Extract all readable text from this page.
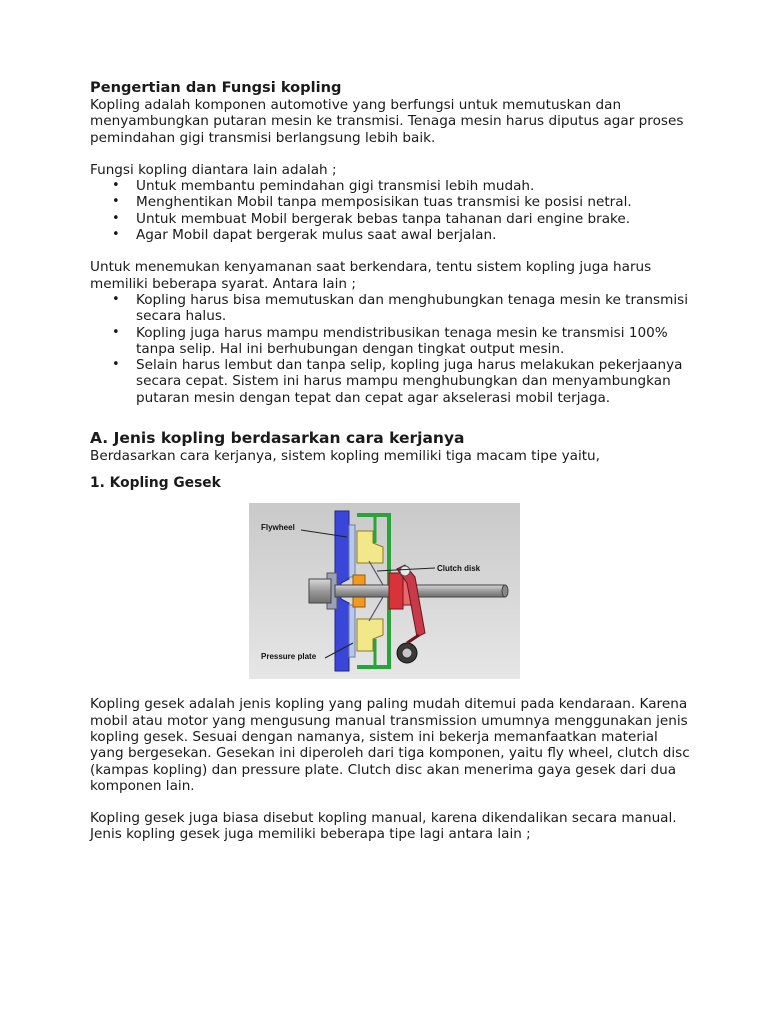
Pengertian dan Fungsi kopling

Kopling adalah komponen automotive yang berfungsi untuk memutuskan dan menyambungkan putaran mesin ke transmisi. Tenaga mesin harus diputus agar proses pemindahan gigi transmisi berlangsung lebih baik.

Fungsi kopling diantara lain adalah ;

• Untuk membantu pemindahan gigi transmisi lebih mudah.
• Menghentikan Mobil tanpa memposisikan tuas transmisi ke posisi netral.
• Untuk membuat Mobil bergerak bebas tanpa tahanan dari engine brake.
• Agar Mobil dapat bergerak mulus saat awal berjalan.

Untuk menemukan kenyamanan saat berkendara, tentu sistem kopling juga harus memiliki beberapa syarat. Antara lain ;

• Kopling harus bisa memutuskan dan menghubungkan tenaga mesin ke transmisi secara halus.
• Kopling juga harus mampu mendistribusikan tenaga mesin ke transmisi 100% tanpa selip. Hal ini berhubungan dengan tingkat output mesin.
• Selain harus lembut dan tanpa selip, kopling juga harus melakukan pekerjaanya secara cepat. Sistem ini harus mampu menghubungkan dan menyambungkan putaran mesin dengan tepat dan cepat agar akselerasi mobil terjaga.
A. Jenis kopling berdasarkan cara kerjanya

Berdasarkan cara kerjanya, sistem kopling memiliki tiga macam tipe yaitu,

1. Kopling Gesek
Flywheel
Clutch disk
Pressure plate

Kopling gesek adalah jenis kopling yang paling mudah ditemui pada kendaraan. Karena mobil atau motor yang mengusung manual transmission umumnya menggunakan jenis kopling gesek. Sesuai dengan namanya, sistem ini bekerja memanfaatkan material yang bergesekan. Gesekan ini diperoleh dari tiga komponen, yaitu fly wheel, clutch disc (kampas kopling) dan pressure plate. Clutch disc akan menerima gaya gesek dari dua komponen lain.

Kopling gesek juga biasa disebut kopling manual, karena dikendalikan secara manual. Jenis kopling gesek juga memiliki beberapa tipe lagi antara lain ;
